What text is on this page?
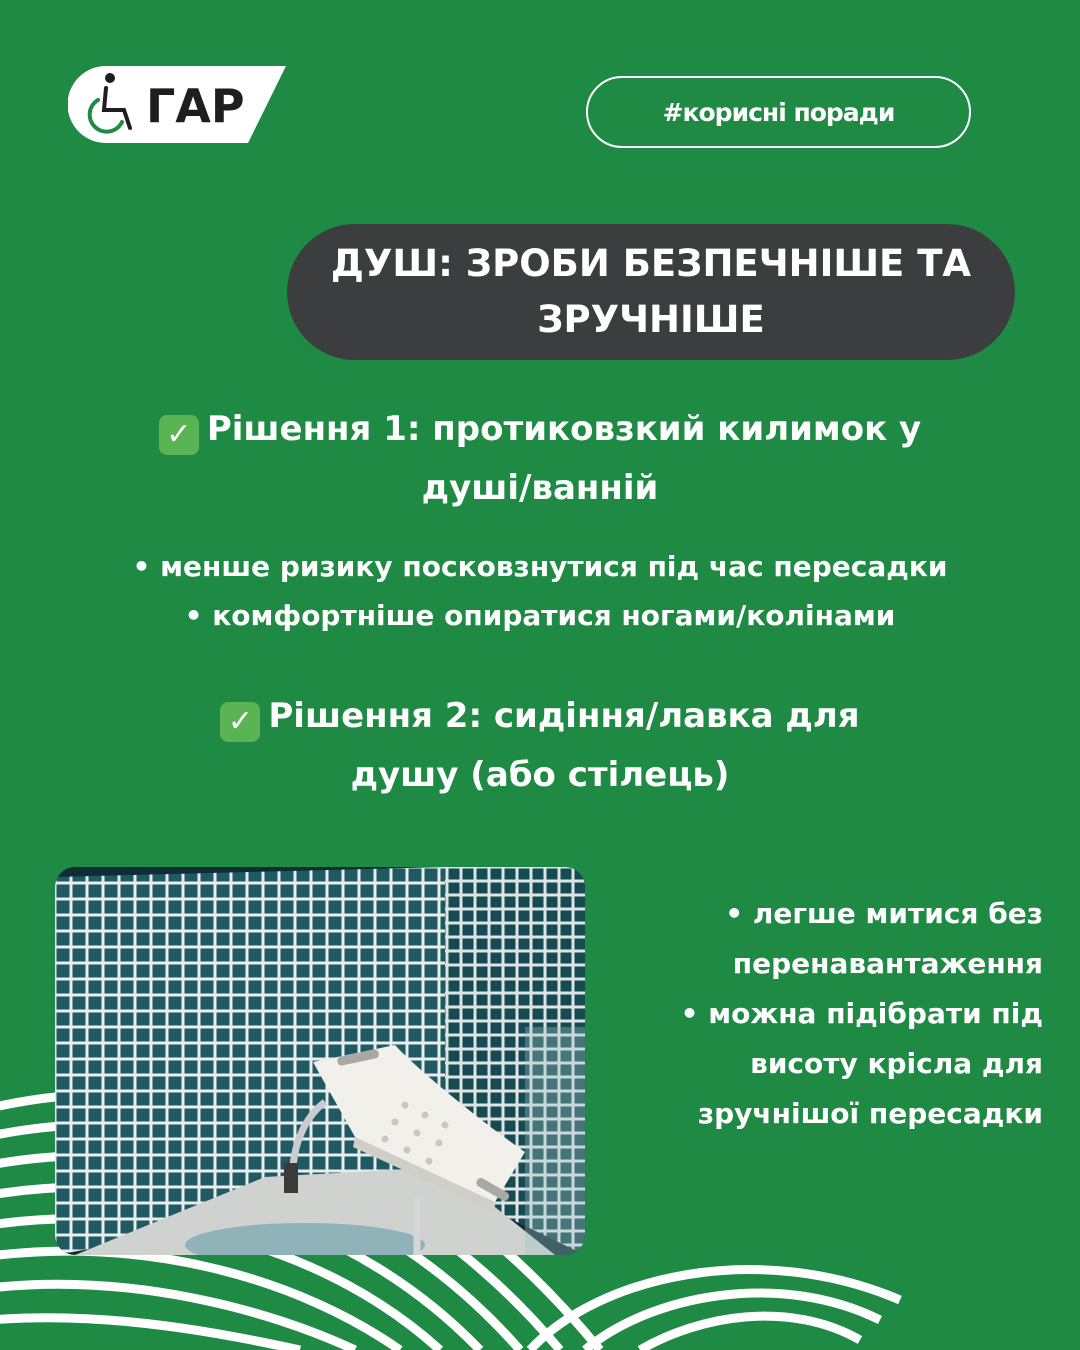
ГАР	#корисні поради
ДУШ: ЗРОБИ БЕЗПЕЧНІШЕ ТА
ЗРУЧНІШЕ
✓ Рішення 1: протиковзкий килимок у
душі/ванній
• менше ризику посковзнутися під час пересадки
• комфортніше опиратися ногами/колінами
✓ Рішення 2: сидіння/лавка для
душу (або стілець)
• легше митися без
перенавантаження
• можна підібрати під
висоту крісла для
зручнішої пересадки
